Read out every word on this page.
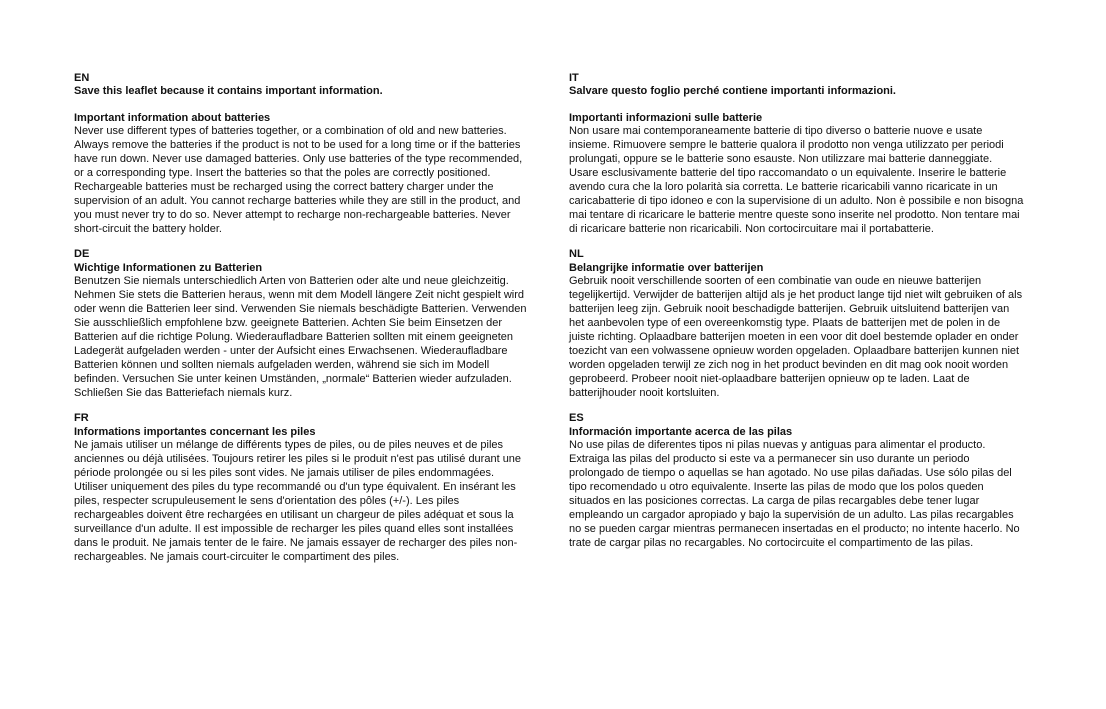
EN
Save this leaflet because it contains important information.
Important information about batteries
Never use different types of batteries together, or a combination of old and new batteries. Always remove the batteries if the product is not to be used for a long time or if the batteries have run down. Never use damaged batteries. Only use batteries of the type recommended, or a corresponding type. Insert the batteries so that the poles are correctly positioned. Rechargeable batteries must be recharged using the correct battery charger under the supervision of an adult. You cannot recharge batteries while they are still in the product, and you must never try to do so. Never attempt to recharge non-rechargeable batteries. Never short-circuit the battery holder.
DE
Wichtige Informationen zu Batterien
Benutzen Sie niemals unterschiedlich Arten von Batterien oder alte und neue gleichzeitig. Nehmen Sie stets die Batterien heraus, wenn mit dem Modell längere Zeit nicht gespielt wird oder wenn die Batterien leer sind. Verwenden Sie niemals beschädigte Batterien. Verwenden Sie ausschließlich empfohlene bzw. geeignete Batterien. Achten Sie beim Einsetzen der Batterien auf die richtige Polung. Wiederaufladbare Batterien sollten mit einem geeigneten Ladegerät aufgeladen werden - unter der Aufsicht eines Erwachsenen. Wiederaufladbare Batterien können und sollten niemals aufgeladen werden, während sie sich im Modell befinden. Versuchen Sie unter keinen Umständen, „normale“ Batterien wieder aufzuladen. Schließen Sie das Batteriefach niemals kurz.
FR
Informations importantes concernant les piles
Ne jamais utiliser un mélange de différents types de piles, ou de piles neuves et de piles anciennes ou déjà utilisées. Toujours retirer les piles si le produit n'est pas utilisé durant une période prolongée ou si les piles sont vides. Ne jamais utiliser de piles endommagées. Utiliser uniquement des piles du type recommandé ou d'un type équivalent. En insérant les piles, respecter scrupuleusement le sens d'orientation des pôles (+/-). Les piles rechargeables doivent être rechargées en utilisant un chargeur de piles adéquat et sous la surveillance d'un adulte. Il est impossible de recharger les piles quand elles sont installées dans le produit. Ne jamais tenter de le faire. Ne jamais essayer de recharger des piles non-rechargeables. Ne jamais court-circuiter le compartiment des piles.
IT
Salvare questo foglio perché contiene importanti informazioni.
Importanti informazioni sulle batterie
Non usare mai contemporaneamente batterie di tipo diverso o batterie nuove e usate insieme. Rimuovere sempre le batterie qualora il prodotto non venga utilizzato per periodi prolungati, oppure se le batterie sono esauste. Non utilizzare mai batterie danneggiate. Usare esclusivamente batterie del tipo raccomandato o un equivalente. Inserire le batterie avendo cura che la loro polarità sia corretta. Le batterie ricaricabili vanno ricaricate in un caricabatterie di tipo idoneo e con la supervisione di un adulto. Non è possibile e non bisogna mai tentare di ricaricare le batterie mentre queste sono inserite nel prodotto. Non tentare mai di ricaricare batterie non ricaricabili. Non cortocircuitare mai il portabatterie.
NL
Belangrijke informatie over batterijen
Gebruik nooit verschillende soorten of een combinatie van oude en nieuwe batterijen tegelijkertijd. Verwijder de batterijen altijd als je het product lange tijd niet wilt gebruiken of als batterijen leeg zijn. Gebruik nooit beschadigde batterijen. Gebruik uitsluitend batterijen van het aanbevolen type of een overeenkomstig type. Plaats de batterijen met de polen in de juiste richting. Oplaadbare batterijen moeten in een voor dit doel bestemde oplader en onder toezicht van een volwassene opnieuw worden opgeladen. Oplaadbare batterijen kunnen niet worden opgeladen terwijl ze zich nog in het product bevinden en dit mag ook nooit worden geprobeerd. Probeer nooit niet-oplaadbare batterijen opnieuw op te laden. Laat de batterijhouder nooit kortsluiten.
ES
Información importante acerca de las pilas
No use pilas de diferentes tipos ni pilas nuevas y antiguas para alimentar el producto. Extraiga las pilas del producto si este va a permanecer sin uso durante un periodo prolongado de tiempo o aquellas se han agotado. No use pilas dañadas. Use sólo pilas del tipo recomendado u otro equivalente. Inserte las pilas de modo que los polos queden situados en las posiciones correctas. La carga de pilas recargables debe tener lugar empleando un cargador apropiado y bajo la supervisión de un adulto. Las pilas recargables no se pueden cargar mientras permanecen insertadas en el producto; no intente hacerlo. No trate de cargar pilas no recargables. No cortocircuite el compartimento de las pilas.
